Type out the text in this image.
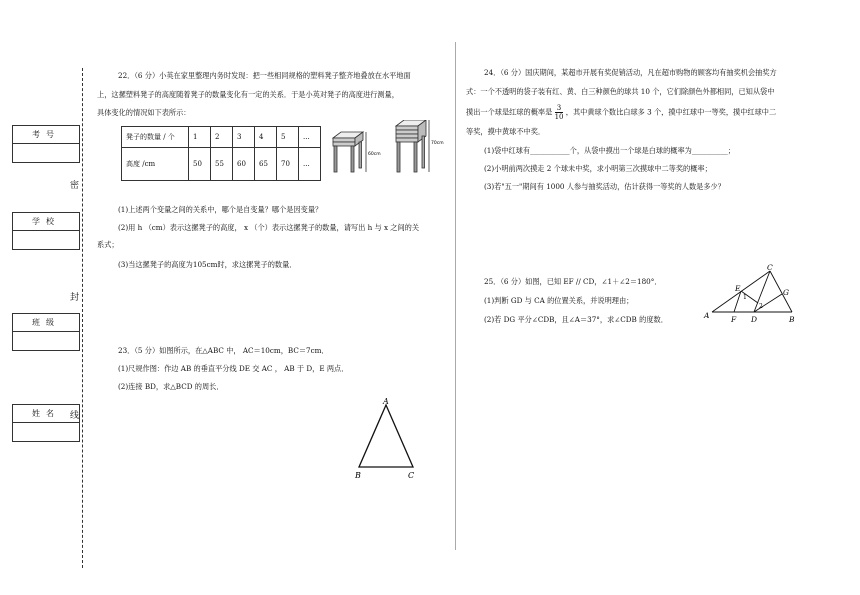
考号
学校
班级
姓名
密
封
线
22．（6 分）小英在家里整理内务时发现：把一些相同规格的塑料凳子整齐地叠放在水平地面
上，这摞塑料凳子的高度随着凳子的数量变化有一定的关系．于是小英对凳子的高度进行测量，
具体变化的情况如下表所示：
凳子的数量 / 个	1	2	3	4	5	...
高度 /cm	50	55	60	65	70	...
60cm
70cm
(1)上述两个变量之间的关系中，哪个是自变量？哪个是因变量？
(2)用 h （cm）表示这摞凳子的高度， x （个）表示这摞凳子的数量，请写出 h 与 x 之间的关
系式；
(3)当这摞凳子的高度为105cm时，求这摞凳子的数量．
23．（5 分）如图所示，在△ABC 中， AC＝10cm，BC＝7cm．
(1)尺规作图：作边 AB 的垂直平分线 DE 交 AC ， AB 于 D，E 两点．
(2)连接 BD，求△BCD 的周长．
A
B	C
24．（6 分）国庆期间，某超市开展有奖促销活动，凡在超市购物的顾客均有抽奖机会抽奖方
式：一个不透明的袋子装有红、黄、白三种颜色的球共 10 个，它们除颜色外都相同，已知从袋中
摸出一个球是红球的概率是 $\frac{3}{10}$ ，其中黄球个数比白球多 3 个，摸中红球中一等奖，摸中红球中二
等奖，摸中黄球不中奖．
(1)袋中红球有___________个，从袋中摸出一个球是白球的概率为__________；
(2)小明前两次摸走 2 个球未中奖，求小明第三次摸球中二等奖的概率；
(3)若"五一"期间有 1000 人参与抽奖活动，估计获得一等奖的人数是多少？
25．（6 分）如图，已知 EF // CD，∠1＋∠2＝180°．
(1)判断 GD 与 CA 的位置关系，并说明理由；
(2)若 DG 平分∠CDB，且∠A＝37°，求∠CDB 的度数．
C
A	B
D
E
F
G
1
2
